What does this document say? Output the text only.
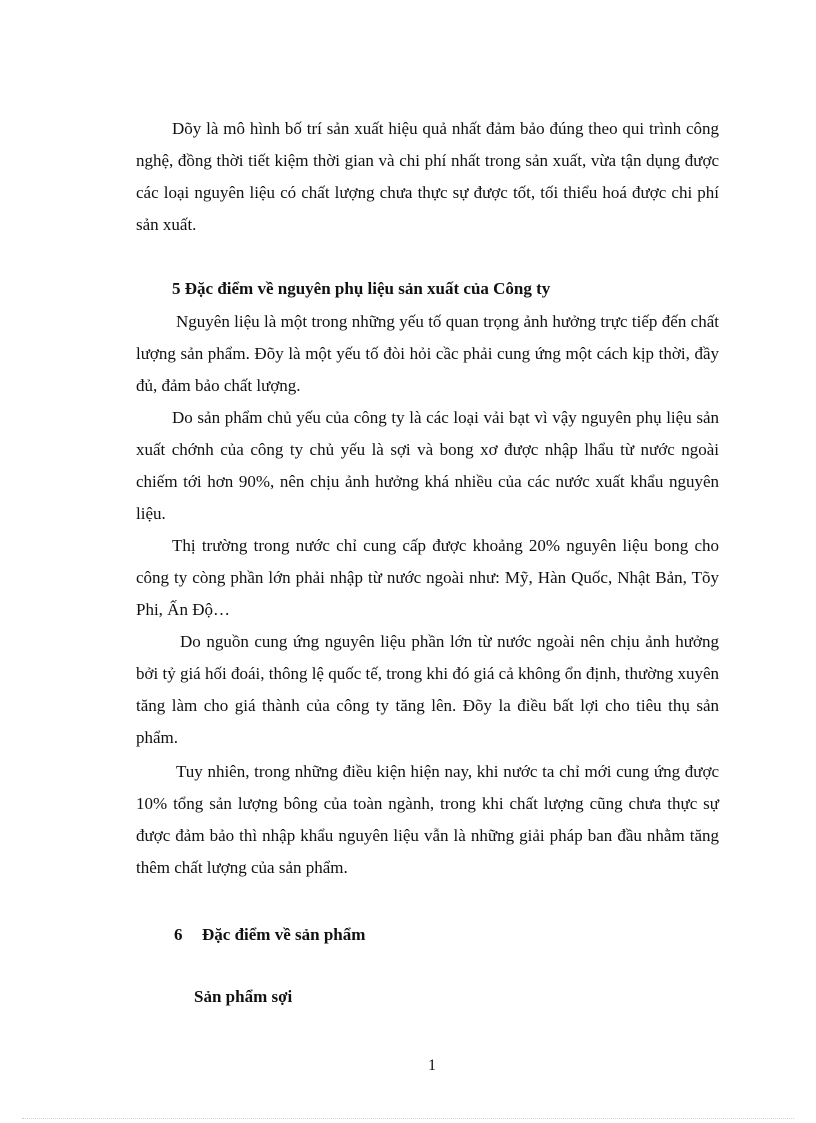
Dõy là mô hình bố trí sản xuất hiệu quả nhất đảm bảo đúng theo qui trình công nghệ, đồng thời tiết kiệm thời gian và chi phí nhất trong sản xuất, vừa tận dụng được các loại nguyên liệu có chất lượng chưa thực sự được tốt, tối thiểu hoá được chi phí sản xuất.

5 Đặc điểm về nguyên phụ liệu sản xuất của Công ty

Nguyên liệu là một trong những yếu tố quan trọng ảnh hưởng trực tiếp đến chất lượng sản phẩm. Đõy là một yếu tố đòi hỏi cầc phải cung ứng một cách kịp thời, đầy đủ, đảm bảo chất lượng.

Do sản phẩm chủ yếu của công ty là các loại vải bạt vì vậy nguyên phụ liệu sản xuất chớnh của công ty chủ yếu là sợi và bong xơ được nhập lhẩu từ nước ngoài chiếm tới hơn 90%, nên chịu ảnh hưởng khá nhiều của các nước xuất khẩu nguyên liệu.

Thị trường trong nước chỉ cung cấp được khoảng 20% nguyên liệu bong cho công ty còng phần lớn phải nhập từ nước ngoài như: Mỹ, Hàn Quốc, Nhật Bản, Tõy Phi, Ấn Độ…

Do nguồn cung ứng nguyên liệu phần lớn từ nước ngoài nên chịu ảnh hưởng bởi tỷ giá hối đoái, thông lệ quốc tế, trong khi đó giá cả không ổn định, thường xuyên tăng làm cho giá thành của công ty tăng lên. Đõy la điều bất lợi cho tiêu thụ sản phẩm.

Tuy nhiên, trong những điều kiện hiện nay, khi nước ta chỉ mới cung ứng được 10% tổng sản lượng bông của toàn ngành, trong khi chất lượng cũng chưa thực sự được đảm bảo thì nhập khẩu nguyên liệu vẫn là những giải pháp ban đầu nhằm tăng thêm chất lượng của sản phẩm.

6 Đặc điểm về sản phẩm

Sản phẩm sợi

1
